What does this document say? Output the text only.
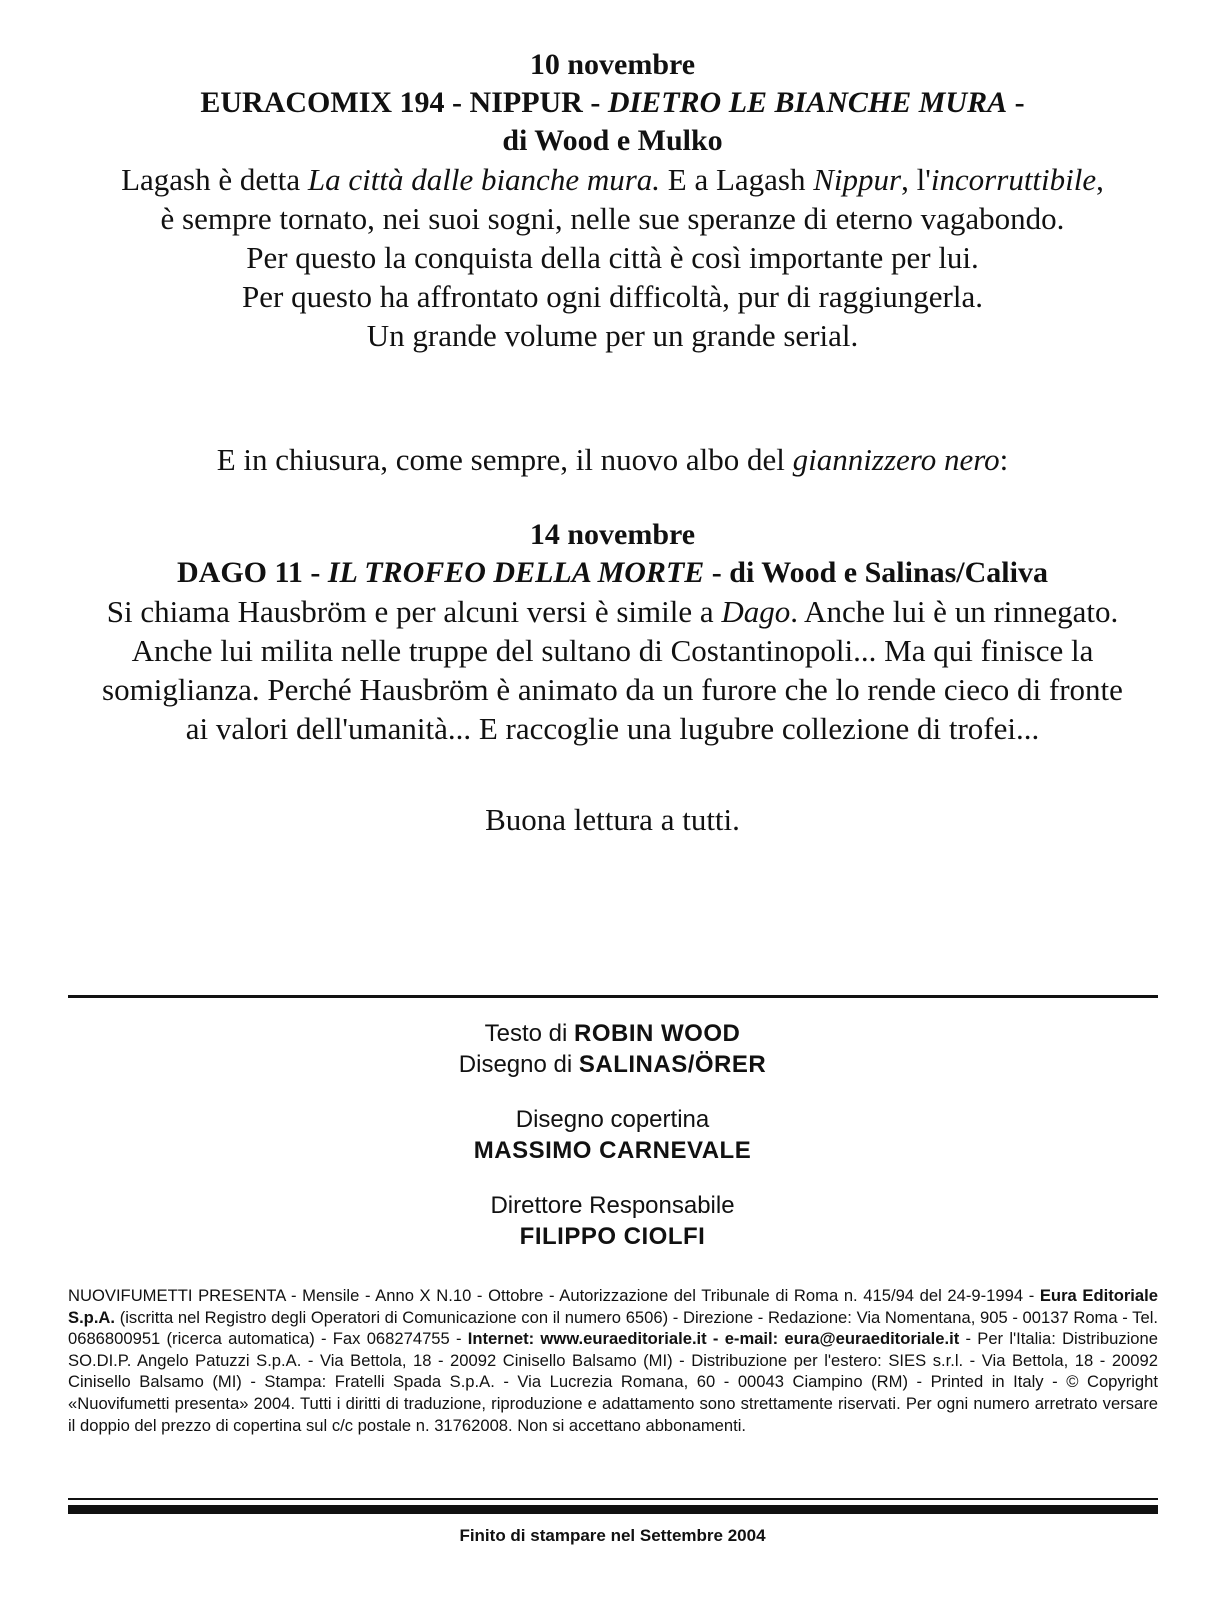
10 novembre
EURACOMIX 194 - NIPPUR - DIETRO LE BIANCHE MURA -
di Wood e Mulko

Lagash è detta La città dalle bianche mura. E a Lagash Nippur, l'incorruttibile,

è sempre tornato, nei suoi sogni, nelle sue speranze di eterno vagabondo.

Per questo la conquista della città è così importante per lui.

Per questo ha affrontato ogni difficoltà, pur di raggiungerla.

Un grande volume per un grande serial.

E in chiusura, come sempre, il nuovo albo del giannizzero nero:
14 novembre
DAGO 11 - IL TROFEO DELLA MORTE - di Wood e Salinas/Caliva

Si chiama Hausbröm e per alcuni versi è simile a Dago. Anche lui è un rinnegato.

Anche lui milita nelle truppe del sultano di Costantinopoli... Ma qui finisce la

somiglianza. Perché Hausbröm è animato da un furore che lo rende cieco di fronte

ai valori dell'umanità... E raccoglie una lugubre collezione di trofei...

Buona lettura a tutti.
Testo di ROBIN WOOD
Disegno di SALINAS/ÖRER
Disegno copertina
MASSIMO CARNEVALE
Direttore Responsabile
FILIPPO CIOLFI
NUOVIFUMETTI PRESENTA - Mensile - Anno X N.10 - Ottobre - Autorizzazione del Tribunale di Roma n. 415/94 del 24-9-1994 - Eura Editoriale S.p.A. (iscritta nel Registro degli Operatori di Comunicazione con il numero 6506) - Direzione - Redazione: Via Nomentana, 905 - 00137 Roma - Tel. 0686800951 (ricerca automatica) - Fax 068274755 - Internet: www.euraeditoriale.it - e-mail: eura@euraeditoriale.it - Per l'Italia: Distribuzione SO.DI.P. Angelo Patuzzi S.p.A. - Via Bettola, 18 - 20092 Cinisello Balsamo (MI) - Distribuzione per l'estero: SIES s.r.l. - Via Bettola, 18 - 20092 Cinisello Balsamo (MI) - Stampa: Fratelli Spada S.p.A. - Via Lucrezia Romana, 60 - 00043 Ciampino (RM) - Printed in Italy - © Copyright «Nuovifumetti presenta» 2004. Tutti i diritti di traduzione, riproduzione e adattamento sono strettamente riservati. Per ogni numero arretrato versare il doppio del prezzo di copertina sul c/c postale n. 31762008. Non si accettano abbonamenti.
Finito di stampare nel Settembre 2004
